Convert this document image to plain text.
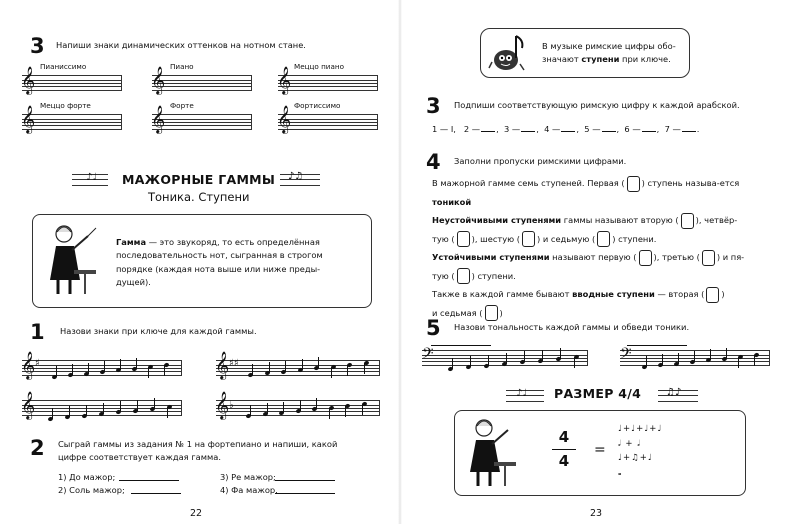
3 Напиши знаки динамических оттенков на нотном стане.
Пианиссимо	Пиано	Меццо пиано
𝄞	𝄞	𝄞
Меццо форте	Форте	Фортиссимо
𝄞	𝄞	𝄞
♪♩ МАЖОРНЫЕ ГАММЫ ♪♫
Тоника. Ступени
Гамма — это звукоряд, то есть определённая
последовательность нот, сыгранная в строгом
порядке (каждая нота выше или ниже преды-
дущей).
1 Назови знаки при ключе для каждой гаммы.
𝄞 ♯	𝄞 ♯♯
𝄞	𝄞 ♭
2 Сыграй гаммы из задания № 1 на фортепиано и напиши, какой
цифре соответствует каждая гамма.
1) До мажор;
2) Соль мажор;
3) Ре мажор;
4) Фа мажор.
22
В музыке римские цифры обо-
значают ступени при ключе.
3 Подпиши соответствующую римскую цифру к каждой арабской.
1 — I, 2 — ,  3 — ,  4 — ,  5 — ,  6 — ,  7 — .
4 Заполни пропуски римскими цифрами.
В мажорной гамме семь ступеней. Первая ( ) ступень называ-ется
тоникой
Неустойчивыми ступенями гаммы называют вторую ( ), четвёр-
тую ( ), шестую ( ) и седьмую ( ) ступени.
Устойчивыми ступенями называют первую ( ), третью ( ) и пя-
тую ( ) ступени.
Также в каждой гамме бывают вводные ступени — вторая ( )
и седьмая ( )
5 Назови тональность каждой гаммы и обведи тоники.
𝄢	𝄢
♪♩ РАЗМЕР 4/4 ♫♪
4
4
=
♩+♩+♩+♩
𝅗𝅥 + 𝅗𝅥
♩+♫+♩
𝅝
23
